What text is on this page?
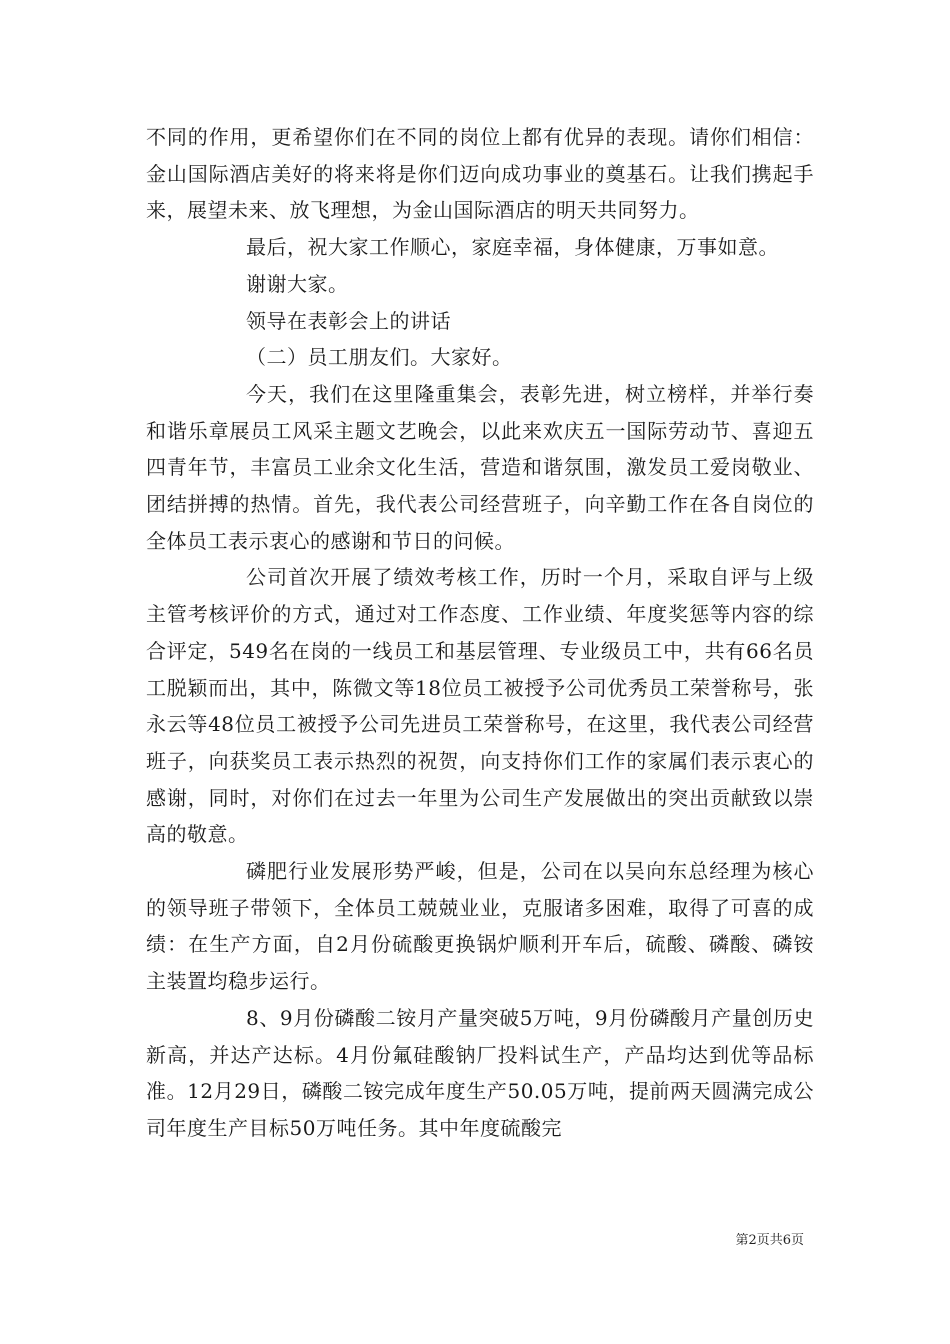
不同的作用，更希望你们在不同的岗位上都有优异的表现。请你们相信：金山国际酒店美好的将来将是你们迈向成功事业的奠基石。让我们携起手来，展望未来、放飞理想，为金山国际酒店的明天共同努力。

最后，祝大家工作顺心，家庭幸福，身体健康，万事如意。

谢谢大家。

领导在表彰会上的讲话

（二）员工朋友们。大家好。

今天，我们在这里隆重集会，表彰先进，树立榜样，并举行奏和谐乐章展员工风采主题文艺晚会，以此来欢庆五一国际劳动节、喜迎五四青年节，丰富员工业余文化生活，营造和谐氛围，激发员工爱岗敬业、团结拼搏的热情。首先，我代表公司经营班子，向辛勤工作在各自岗位的全体员工表示衷心的感谢和节日的问候。

公司首次开展了绩效考核工作，历时一个月，采取自评与上级主管考核评价的方式，通过对工作态度、工作业绩、年度奖惩等内容的综合评定，549名在岗的一线员工和基层管理、专业级员工中，共有66名员工脱颖而出，其中，陈微文等18位员工被授予公司优秀员工荣誉称号，张永云等48位员工被授予公司先进员工荣誉称号，在这里，我代表公司经营班子，向获奖员工表示热烈的祝贺，向支持你们工作的家属们表示衷心的感谢，同时，对你们在过去一年里为公司生产发展做出的突出贡献致以崇高的敬意。

磷肥行业发展形势严峻，但是，公司在以吴向东总经理为核心的领导班子带领下，全体员工兢兢业业，克服诸多困难，取得了可喜的成绩：在生产方面，自2月份硫酸更换锅炉顺利开车后，硫酸、磷酸、磷铵主装置均稳步运行。

8、9月份磷酸二铵月产量突破5万吨，9月份磷酸月产量创历史新高，并达产达标。4月份氟硅酸钠厂投料试生产，产品均达到优等品标准。12月29日，磷酸二铵完成年度生产50.05万吨，提前两天圆满完成公司年度生产目标50万吨任务。其中年度硫酸完

第2页共6页
